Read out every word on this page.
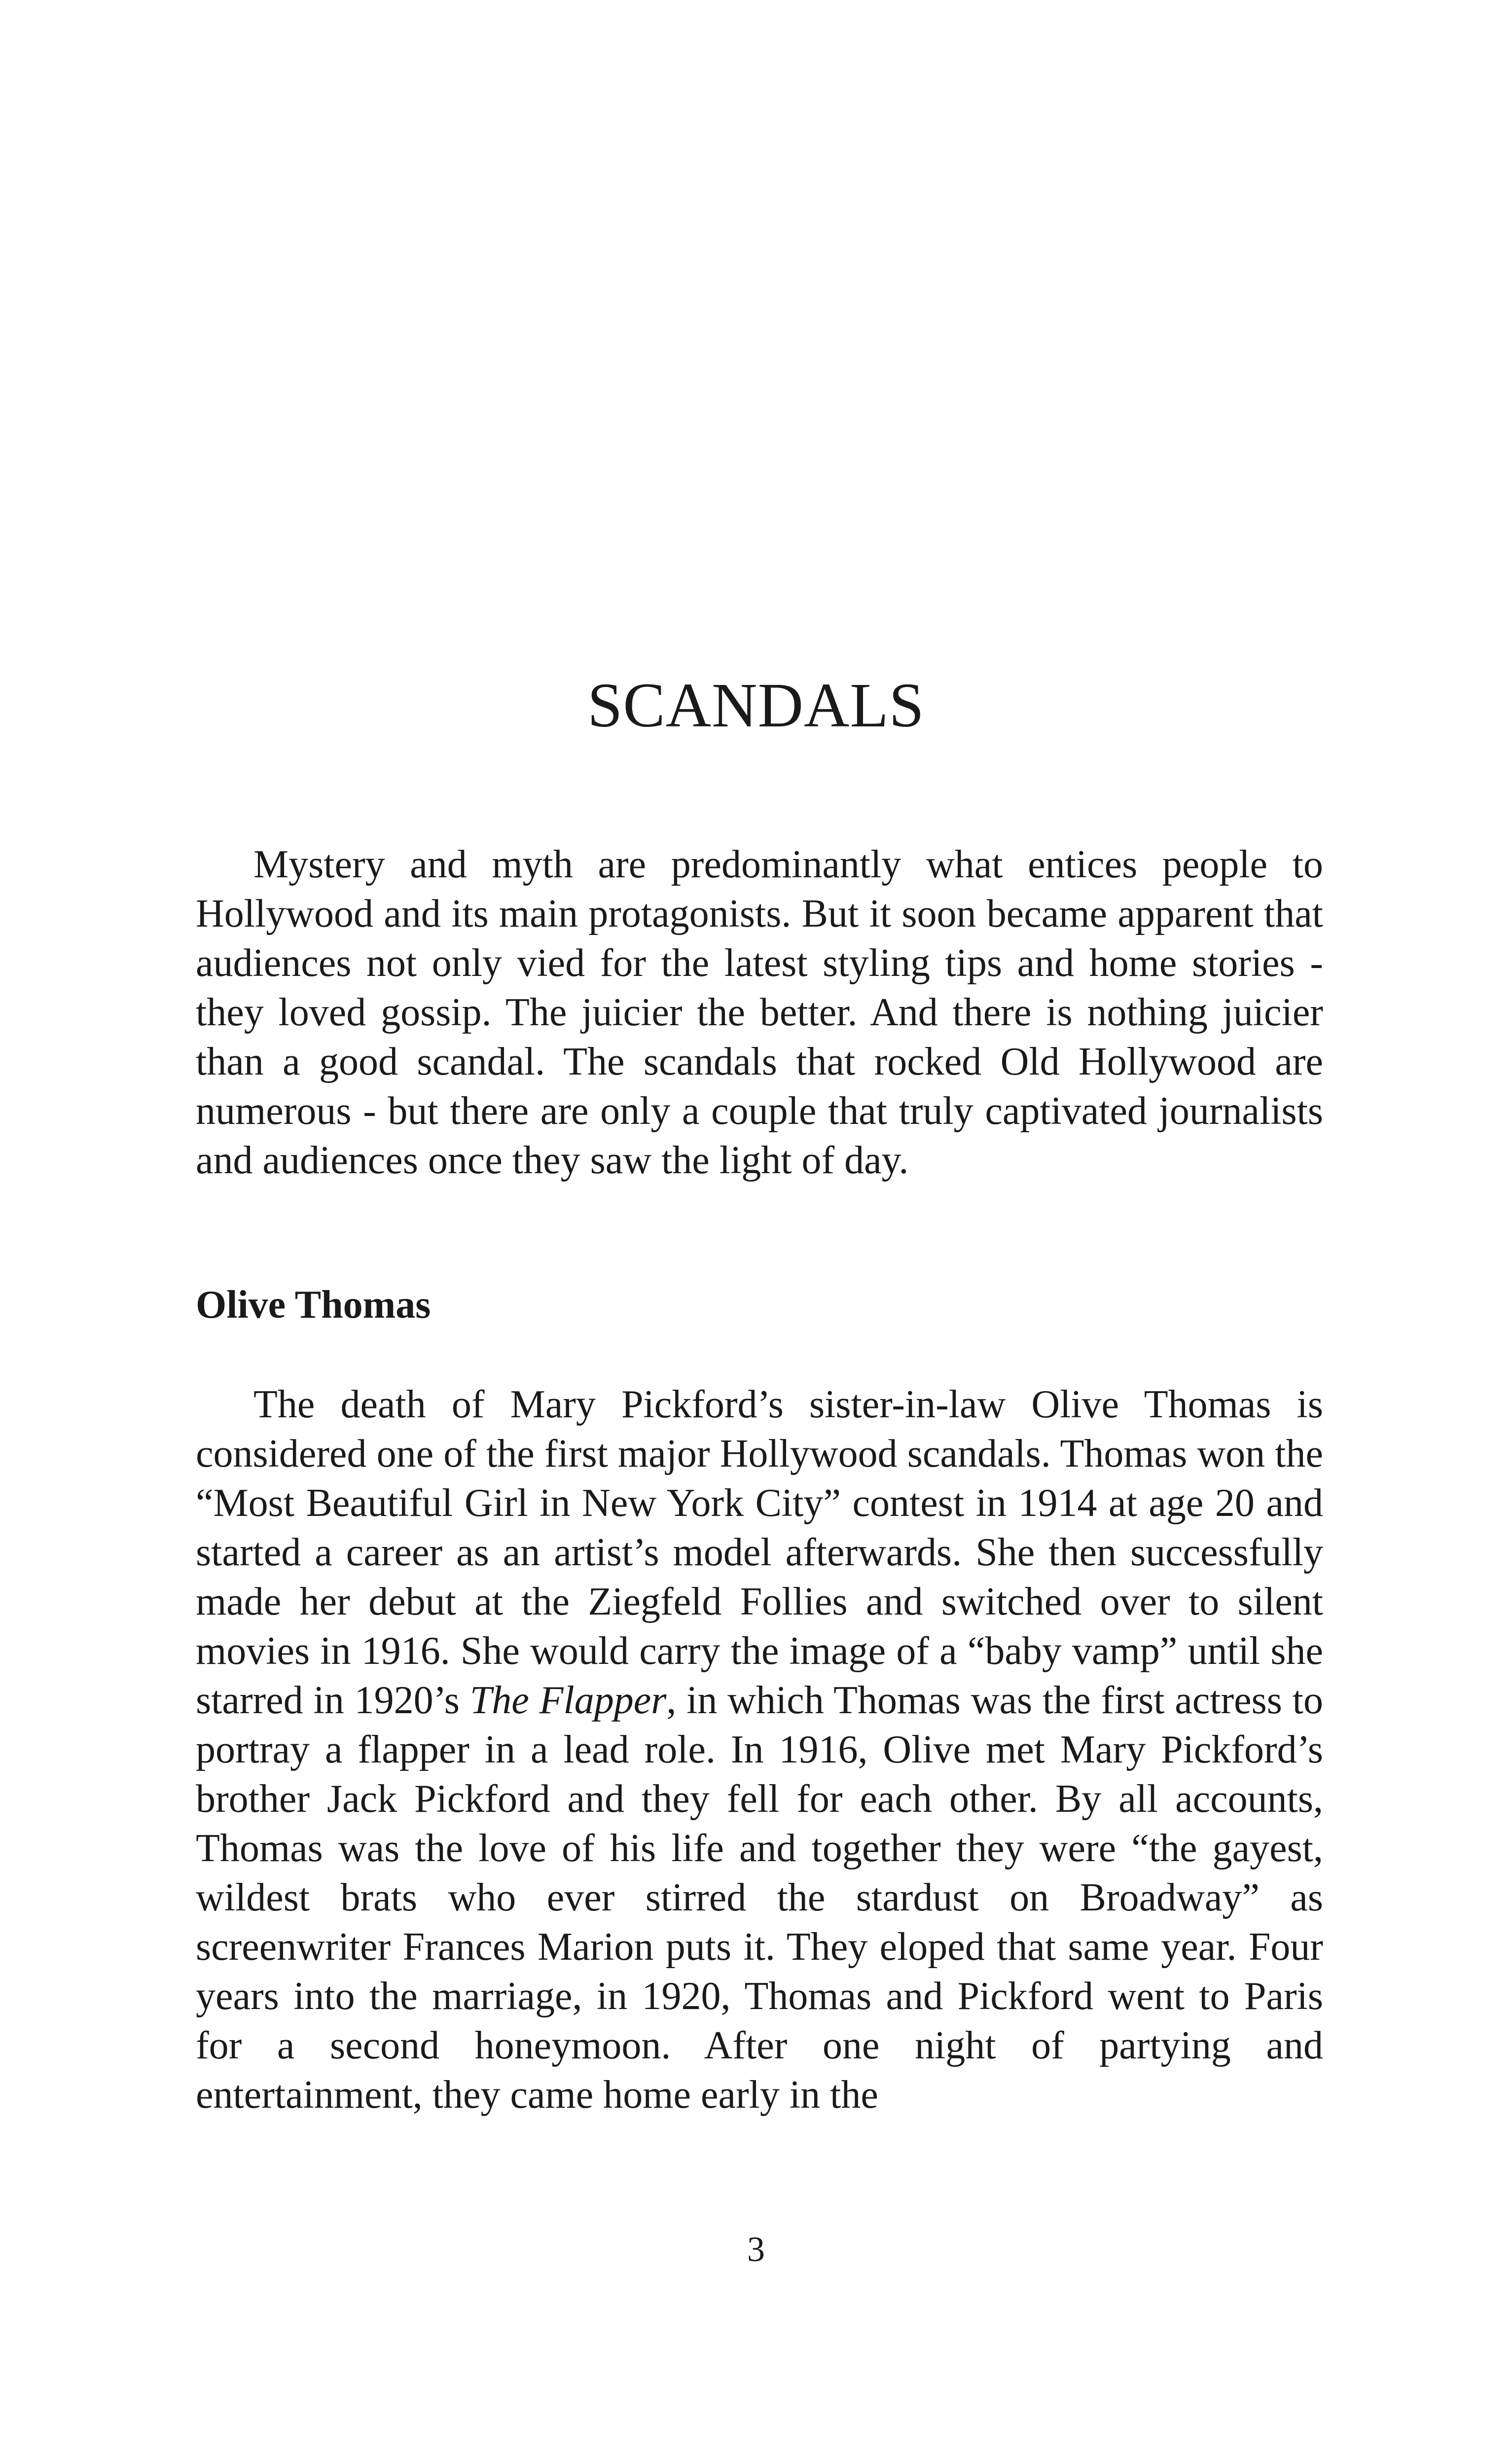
SCANDALS

Mystery and myth are predominantly what entices people to Hollywood and its main protagonists. But it soon became apparent that audiences not only vied for the latest styling tips and home stories - they loved gossip. The juicier the better. And there is nothing juicier than a good scandal. The scandals that rocked Old Hollywood are numerous - but there are only a couple that truly captivated journalists and audiences once they saw the light of day.

Olive Thomas

The death of Mary Pickford’s sister-in-law Olive Thomas is considered one of the first major Hollywood scandals. Thomas won the “Most Beautiful Girl in New York City” contest in 1914 at age 20 and started a career as an artist’s model afterwards. She then successfully made her debut at the Ziegfeld Follies and switched over to silent movies in 1916. She would carry the image of a “baby vamp” until she starred in 1920’s The Flapper, in which Thomas was the first actress to portray a flapper in a lead role. In 1916, Olive met Mary Pickford’s brother Jack Pickford and they fell for each other. By all accounts, Thomas was the love of his life and together they were “the gayest, wildest brats who ever stirred the stardust on Broadway” as screenwriter Frances Marion puts it. They eloped that same year. Four years into the marriage, in 1920, Thomas and Pickford went to Paris for a second honeymoon. After one night of partying and entertainment, they came home early in the

3
